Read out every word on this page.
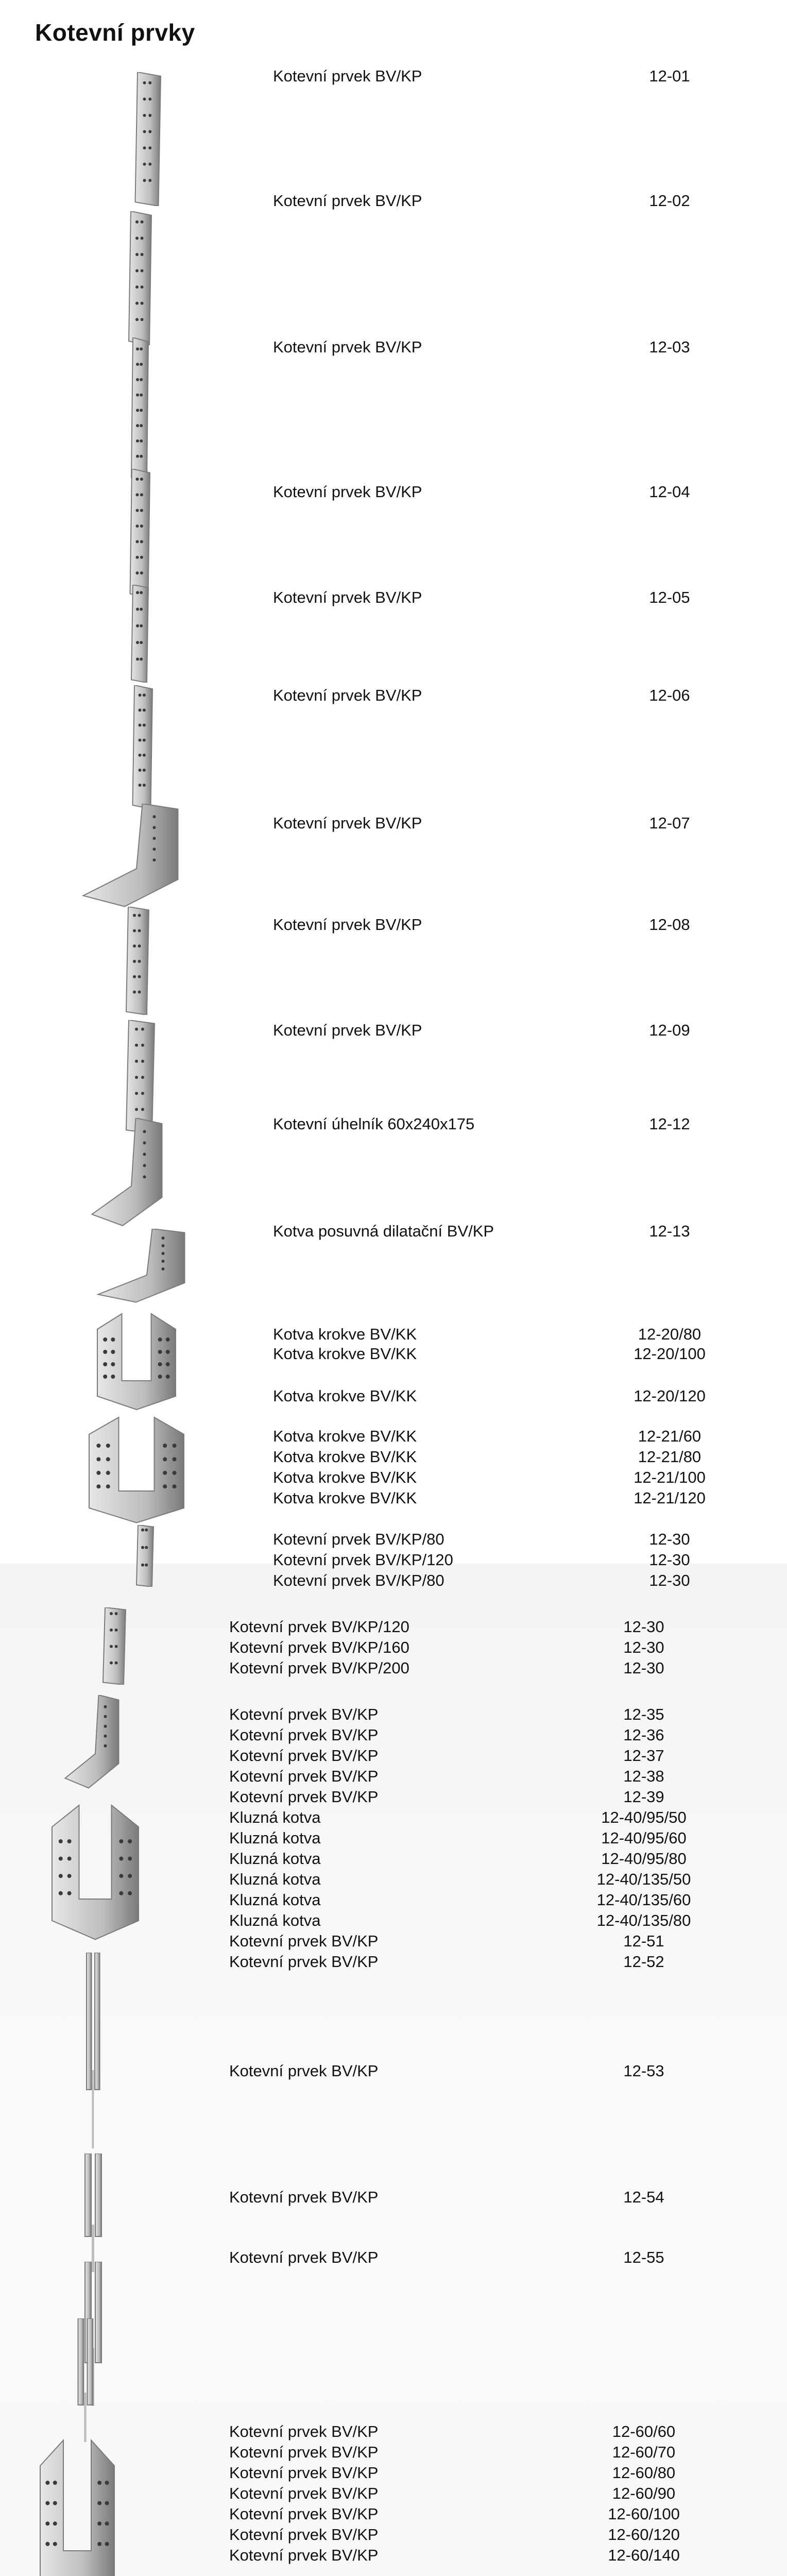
Kotevní prvky
Kotevní prvek BV/KP	12-01
Kotevní prvek BV/KP	12-02
Kotevní prvek BV/KP	12-03
Kotevní prvek BV/KP	12-04
Kotevní prvek BV/KP	12-05
Kotevní prvek BV/KP	12-06
Kotevní prvek BV/KP	12-07
Kotevní prvek BV/KP	12-08
Kotevní prvek BV/KP	12-09
Kotevní úhelník 60x240x175	12-12
Kotva posuvná dilatační BV/KP	12-13
Kotva krokve BV/KK	12-20/80
Kotva krokve BV/KK	12-20/100
Kotva krokve BV/KK	12-20/120
Kotva krokve BV/KK	12-21/60
Kotva krokve BV/KK	12-21/80
Kotva krokve BV/KK	12-21/100
Kotva krokve BV/KK	12-21/120
Kotevní prvek BV/KP/80	12-30
Kotevní prvek BV/KP/120	12-30
Kotevní prvek BV/KP/80	12-30
Kotevní prvek BV/KP/120	12-30
Kotevní prvek BV/KP/160	12-30
Kotevní prvek BV/KP/200	12-30
Kotevní prvek BV/KP	12-35
Kotevní prvek BV/KP	12-36
Kotevní prvek BV/KP	12-37
Kotevní prvek BV/KP	12-38
Kotevní prvek BV/KP	12-39
Kluzná kotva	12-40/95/50
Kluzná kotva	12-40/95/60
Kluzná kotva	12-40/95/80
Kluzná kotva	12-40/135/50
Kluzná kotva	12-40/135/60
Kluzná kotva	12-40/135/80
Kotevní prvek BV/KP	12-51
Kotevní prvek BV/KP	12-52
Kotevní prvek BV/KP	12-53
Kotevní prvek BV/KP	12-54
Kotevní prvek BV/KP	12-55
Kotevní prvek BV/KP	12-60/60
Kotevní prvek BV/KP	12-60/70
Kotevní prvek BV/KP	12-60/80
Kotevní prvek BV/KP	12-60/90
Kotevní prvek BV/KP	12-60/100
Kotevní prvek BV/KP	12-60/120
Kotevní prvek BV/KP	12-60/140
